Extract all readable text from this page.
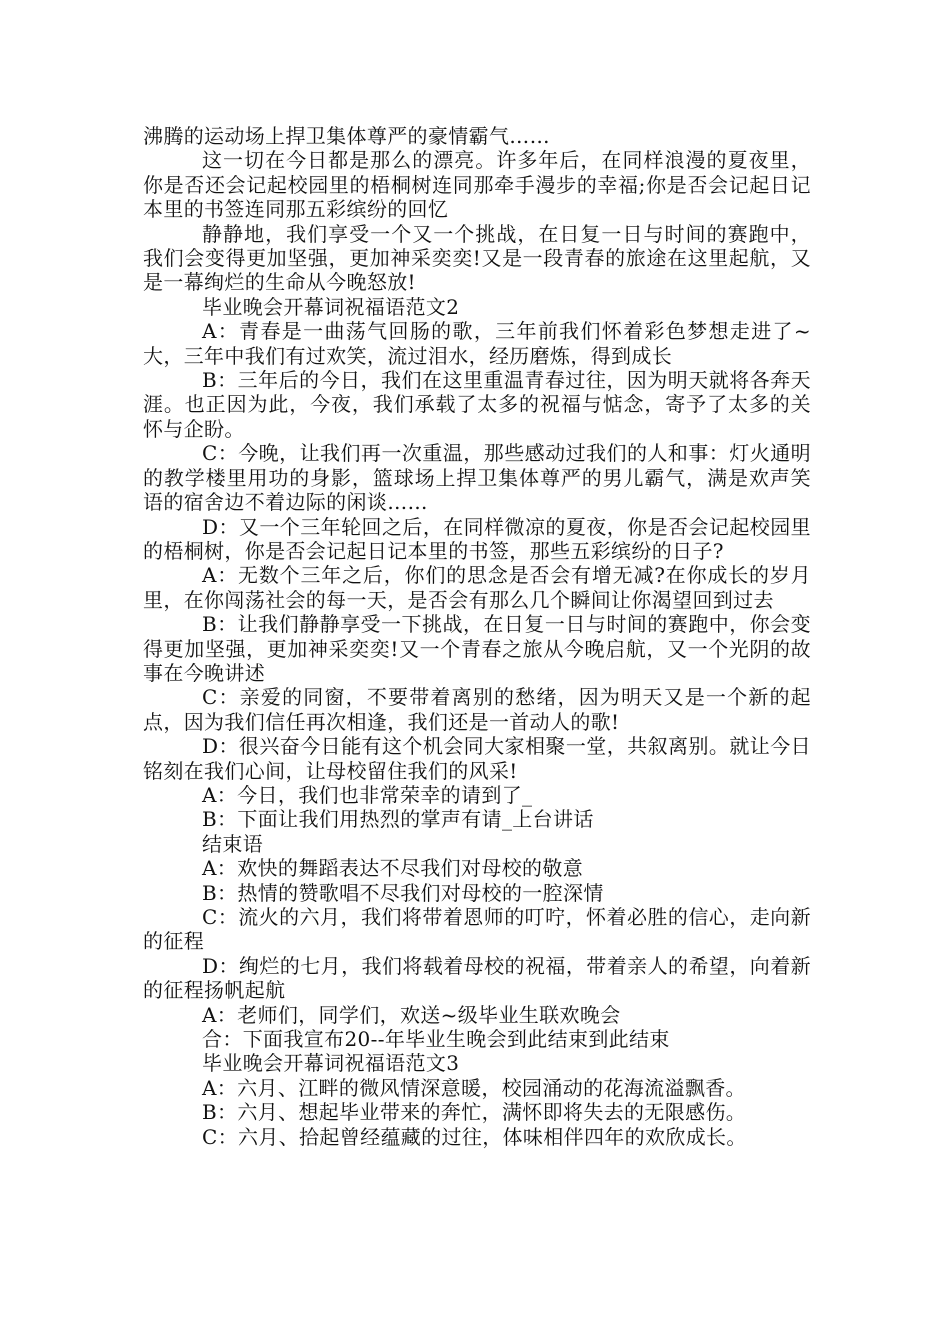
沸腾的运动场上捍卫集体尊严的豪情霸气……

这一切在今日都是那么的漂亮。许多年后，在同样浪漫的夏夜里，你是否还会记起校园里的梧桐树连同那牵手漫步的幸福;你是否会记起日记本里的书签连同那五彩缤纷的回忆

静静地，我们享受一个又一个挑战，在日复一日与时间的赛跑中，我们会变得更加坚强，更加神采奕奕!又是一段青春的旅途在这里起航，又是一幕绚烂的生命从今晚怒放!

毕业晚会开幕词祝福语范文2

A：青春是一曲荡气回肠的歌，三年前我们怀着彩色梦想走进了~大，三年中我们有过欢笑，流过泪水，经历磨炼，得到成长

B：三年后的今日，我们在这里重温青春过往，因为明天就将各奔天涯。也正因为此，今夜，我们承载了太多的祝福与惦念，寄予了太多的关怀与企盼。

C：今晚，让我们再一次重温，那些感动过我们的人和事：灯火通明的教学楼里用功的身影，篮球场上捍卫集体尊严的男儿霸气，满是欢声笑语的宿舍边不着边际的闲谈……

D：又一个三年轮回之后，在同样微凉的夏夜，你是否会记起校园里的梧桐树，你是否会记起日记本里的书签，那些五彩缤纷的日子?

A：无数个三年之后，你们的思念是否会有增无减?在你成长的岁月里，在你闯荡社会的每一天，是否会有那么几个瞬间让你渴望回到过去

B：让我们静静享受一下挑战，在日复一日与时间的赛跑中，你会变得更加坚强，更加神采奕奕!又一个青春之旅从今晚启航，又一个光阴的故事在今晚讲述

C：亲爱的同窗，不要带着离别的愁绪，因为明天又是一个新的起点，因为我们信任再次相逢，我们还是一首动人的歌!

D：很兴奋今日能有这个机会同大家相聚一堂，共叙离别。就让今日铭刻在我们心间，让母校留住我们的风采!

A：今日，我们也非常荣幸的请到了_

B：下面让我们用热烈的掌声有请_上台讲话

结束语

A：欢快的舞蹈表达不尽我们对母校的敬意

B：热情的赞歌唱不尽我们对母校的一腔深情

C：流火的六月，我们将带着恩师的叮咛，怀着必胜的信心，走向新的征程

D：绚烂的七月，我们将载着母校的祝福，带着亲人的希望，向着新的征程扬帆起航

A：老师们，同学们，欢送~级毕业生联欢晚会

合：下面我宣布20--年毕业生晚会到此结束到此结束

毕业晚会开幕词祝福语范文3

A：六月、江畔的微风情深意暖，校园涌动的花海流溢飘香。

B：六月、想起毕业带来的奔忙，满怀即将失去的无限感伤。

C：六月、拾起曾经蕴藏的过往，体味相伴四年的欢欣成长。
